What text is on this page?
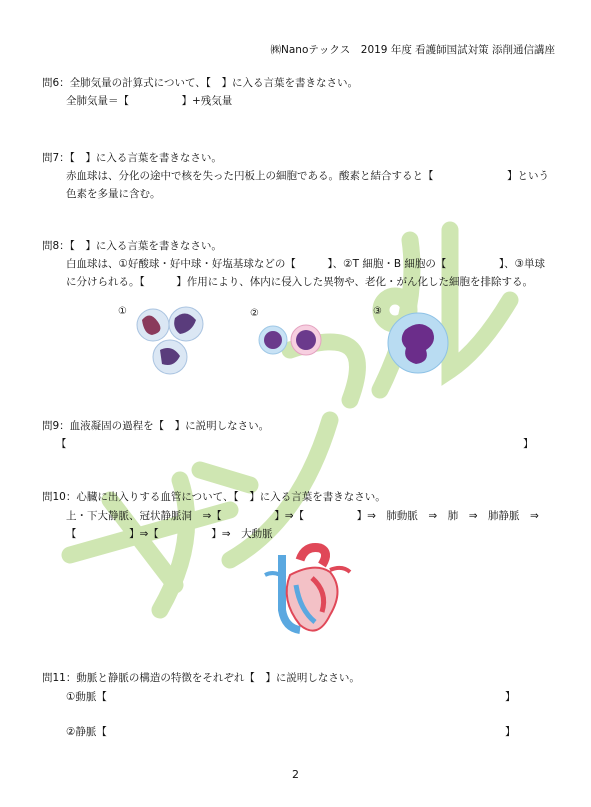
㈱Nanoテックス　2019 年度 看護師国試対策 添削通信講座
問6：全肺気量の計算式について、【　】に入る言葉を書きなさい。
全肺気量＝【　　　　　】+残気量
問7：【　】に入る言葉を書きなさい。
赤血球は、分化の途中で核を失った円板上の細胞である。酸素と結合すると【　　　　　　　】という
色素を多量に含む。
問8：【　】に入る言葉を書きなさい。
白血球は、①好酸球・好中球・好塩基球などの【　　　】、②T 細胞・B 細胞の【　　　　　】、③単球
に分けられる。【　　　】作用により、体内に侵入した異物や、老化・がん化した細胞を排除する。
①	②	③
問9：血液凝固の過程を【　】に説明しなさい。
【	】
問10：心臓に出入りする血管について、【　】に入る言葉を書きなさい。
上・下大静脈、冠状静脈洞　⇒【　　　　　】⇒【　　　　　】⇒　肺動脈　⇒　肺　⇒　肺静脈　⇒
【　　　　　】⇒【　　　　　】⇒　大動脈
問11：動脈と静脈の構造の特徴をそれぞれ【　】に説明しなさい。
①動脈【	】
②静脈【	】
2
